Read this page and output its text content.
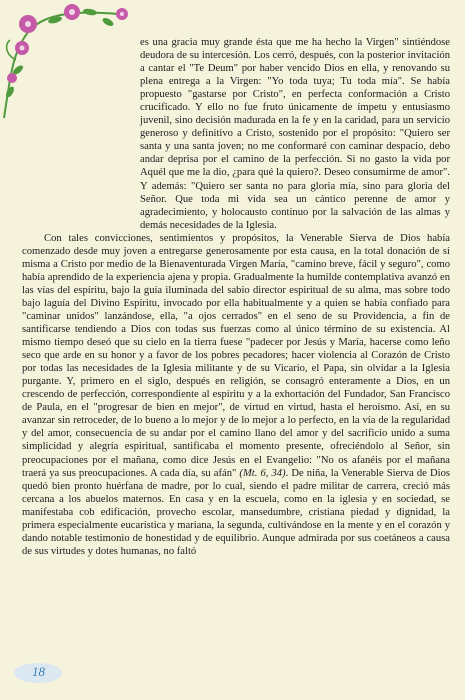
es una gracia muy grande ésta que me ha hecho la Virgen" sintiéndose deudora de su intercesión. Los cerró, después, con la posterior invitación a cantar el "Te Deum" por haber vencido Dios en ella, y renovando su plena entrega a la Virgen: "Yo toda tuya; Tu toda mía". Se había propuesto "gastarse por Cristo", en perfecta conformación a Cristo crucificado. Y ello no fue fruto únicamente de ímpetu y entusiasmo juvenil, sino decisión madurada en la fe y en la caridad, para un servicio generoso y definitivo a Cristo, sostenido por el propósito: "Quiero ser santa y una santa joven; no me conformaré con caminar despacio, debo andar deprisa por el camino de la perfección. Si no gasto la vida por Aquél que me la dio, ¿para qué la quiero?. Deseo consumirme de amor". Y además: "Quiero ser santa no para gloria mía, sino para gloria del Señor. Que toda mi vida sea un cántico perenne de amor y agradecimiento, y holocausto continuo por la salvación de las almas y demás necesidades de la Iglesia.

Con tales convicciones, sentimientos y propósitos, la Venerable Sierva de Dios había comenzado desde muy joven a entregarse generosamente por esta causa, en la total donación de sí misma a Cristo por medio de la Bienaventurada Virgen María, "camino breve, fácil y seguro", como había aprendido de la experiencia ajena y propia. Gradualmente la humilde contemplativa avanzó en las vías del espíritu, bajo la guía iluminada del sabio director espiritual de su alma, mas sobre todo bajo laguía del Divino Espíritu, invocado por ella habitualmente y a quien se había confiado para "caminar unidos" lanzándose, ella, "a ojos cerrados" en el seno de su Providencia, a fin de santificarse tendiendo a Dios con todas sus fuerzas como al único término de su existencia. Al mismo tiempo deseó que su cielo en la tierra fuese "padecer por Jesús y María, hacerse como leño seco que arde en su honor y a favor de los pobres pecadores; hacer violencia al Corazón de Cristo por todas las necesidades de la Iglesia militante y de su Vicario, el Papa, sin olvidar a la Iglesia purgante. Y, primero en el siglo, después en religión, se consagró enteramente a Dios, en un crescendo de perfección, correspondiente al espíritu y a la exhortación del Fundador, San Francisco de Paula, en el "progresar de bien en mejor", de virtud en virtud, hasta el heroísmo. Así, en su avanzar sin retroceder, de lo bueno a lo mejor y de lo mejor a lo perfecto, en la vía de la regularidad y del amor, consecuencia de su andar por el camino llano del amor y del sacrificio unido a suma simplicidad y alegría espiritual, santificaba el momento presente, ofreciéndolo al Señor, sin preocupaciones por el mañana, como dice Jesús en el Evangelio: "No os afanéis por el mañana traerá ya sus preocupaciones. A cada día, su afán" (Mt. 6, 34). De niña, la Venerable Sierva de Dios quedó bien pronto huérfana de madre, por lo cual, siendo el padre militar de carrera, creció más cercana a los abuelos maternos. En casa y en la escuela, como en la iglesia y en sociedad, se manifestaba cob edificación, provecho escolar, mansedumbre, cristiana piedad y dignidad, la primera especialmente eucarística y mariana, la segunda, cultivándose en la mente y en el corazón y dando notable testimonio de honestidad y de equilibrio. Aunque admirada por sus coetáneos a causa de sus virtudes y dotes humanas, no faltó

18
